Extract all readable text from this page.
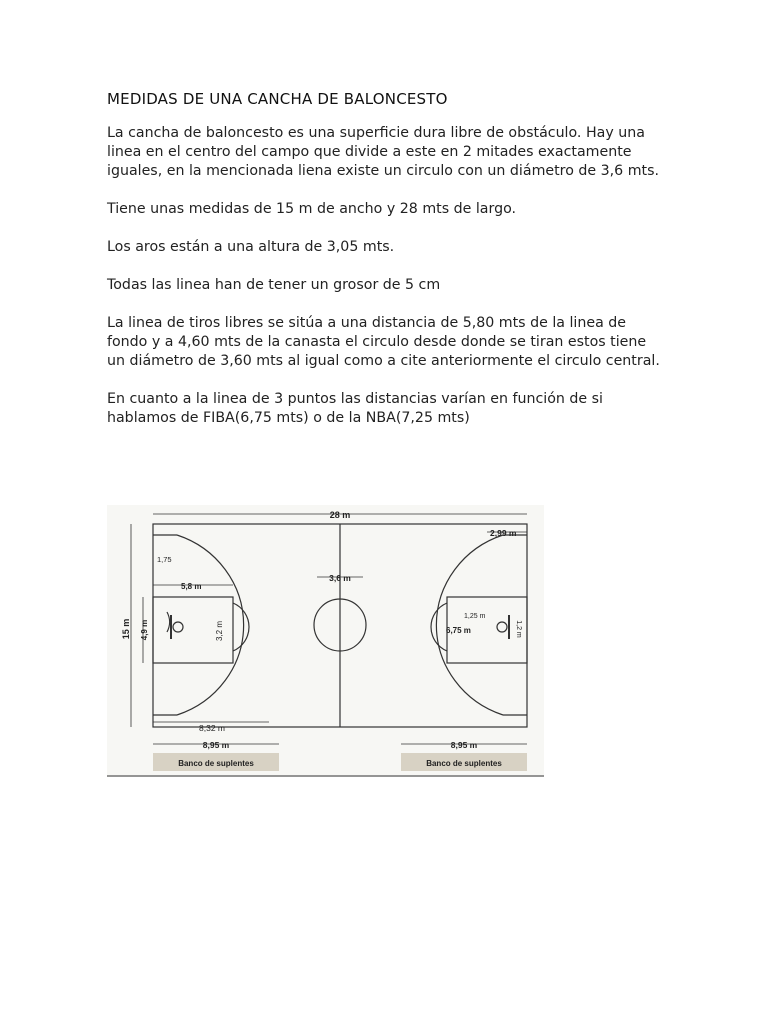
MEDIDAS DE UNA CANCHA DE BALONCESTO
La cancha de baloncesto es una superficie dura libre de obstáculo. Hay una linea en el centro del campo que divide a este en 2 mitades exactamente iguales, en la mencionada liena existe un circulo con un diámetro de 3,6 mts.
Tiene unas medidas de 15 m de ancho y 28 mts de largo.
Los aros están a una altura de 3,05 mts.
Todas las linea han de tener un grosor de 5 cm
La linea de tiros libres se sitúa a una distancia de 5,80 mts de la linea de fondo y a 4,60 mts de la canasta el circulo desde donde se tiran estos tiene un diámetro de 3,60 mts al igual como a cite anteriormente el circulo central.
En cuanto a la linea de 3 puntos las distancias varían en función de si hablamos de FIBA(6,75 mts) o de la NBA(7,25 mts)
28 m
15 m 4,9 m
1,75
5,8 m
3,2 m
3,6 m
8,32 m
2,99 m
1,25 m
6,75 m	1,2 m
8,95 m	8,95 m
Banco de suplentes	Banco de suplentes
